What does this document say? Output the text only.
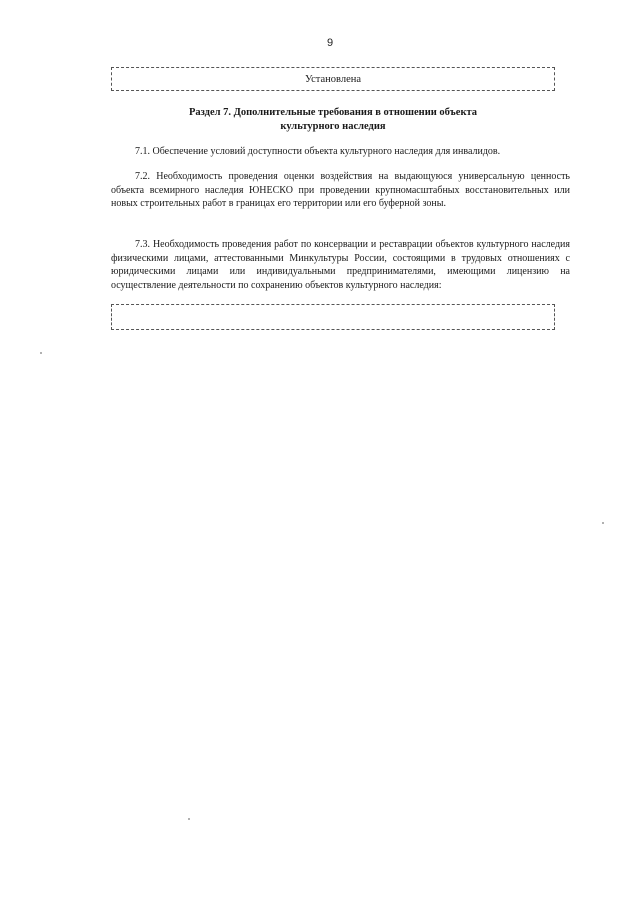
9
Установлена
Раздел 7. Дополнительные требования в отношении объекта
культурного наследия

7.1. Обеспечение условий доступности объекта культурного наследия для инвалидов.

7.2. Необходимость проведения оценки воздействия на выдающуюся универсальную ценность объекта всемирного наследия ЮНЕСКО при проведении крупномасштабных восстановительных или новых строительных работ в границах его территории или его буферной зоны.

7.3. Необходимость проведения работ по консервации и реставрации объектов культурного наследия физическими лицами, аттестованными Минкультуры России, состоящими в трудовых отношениях с юридическими лицами или индивидуальными предпринимателями, имеющими лицензию на осуществление деятельности по сохранению объектов культурного наследия:
